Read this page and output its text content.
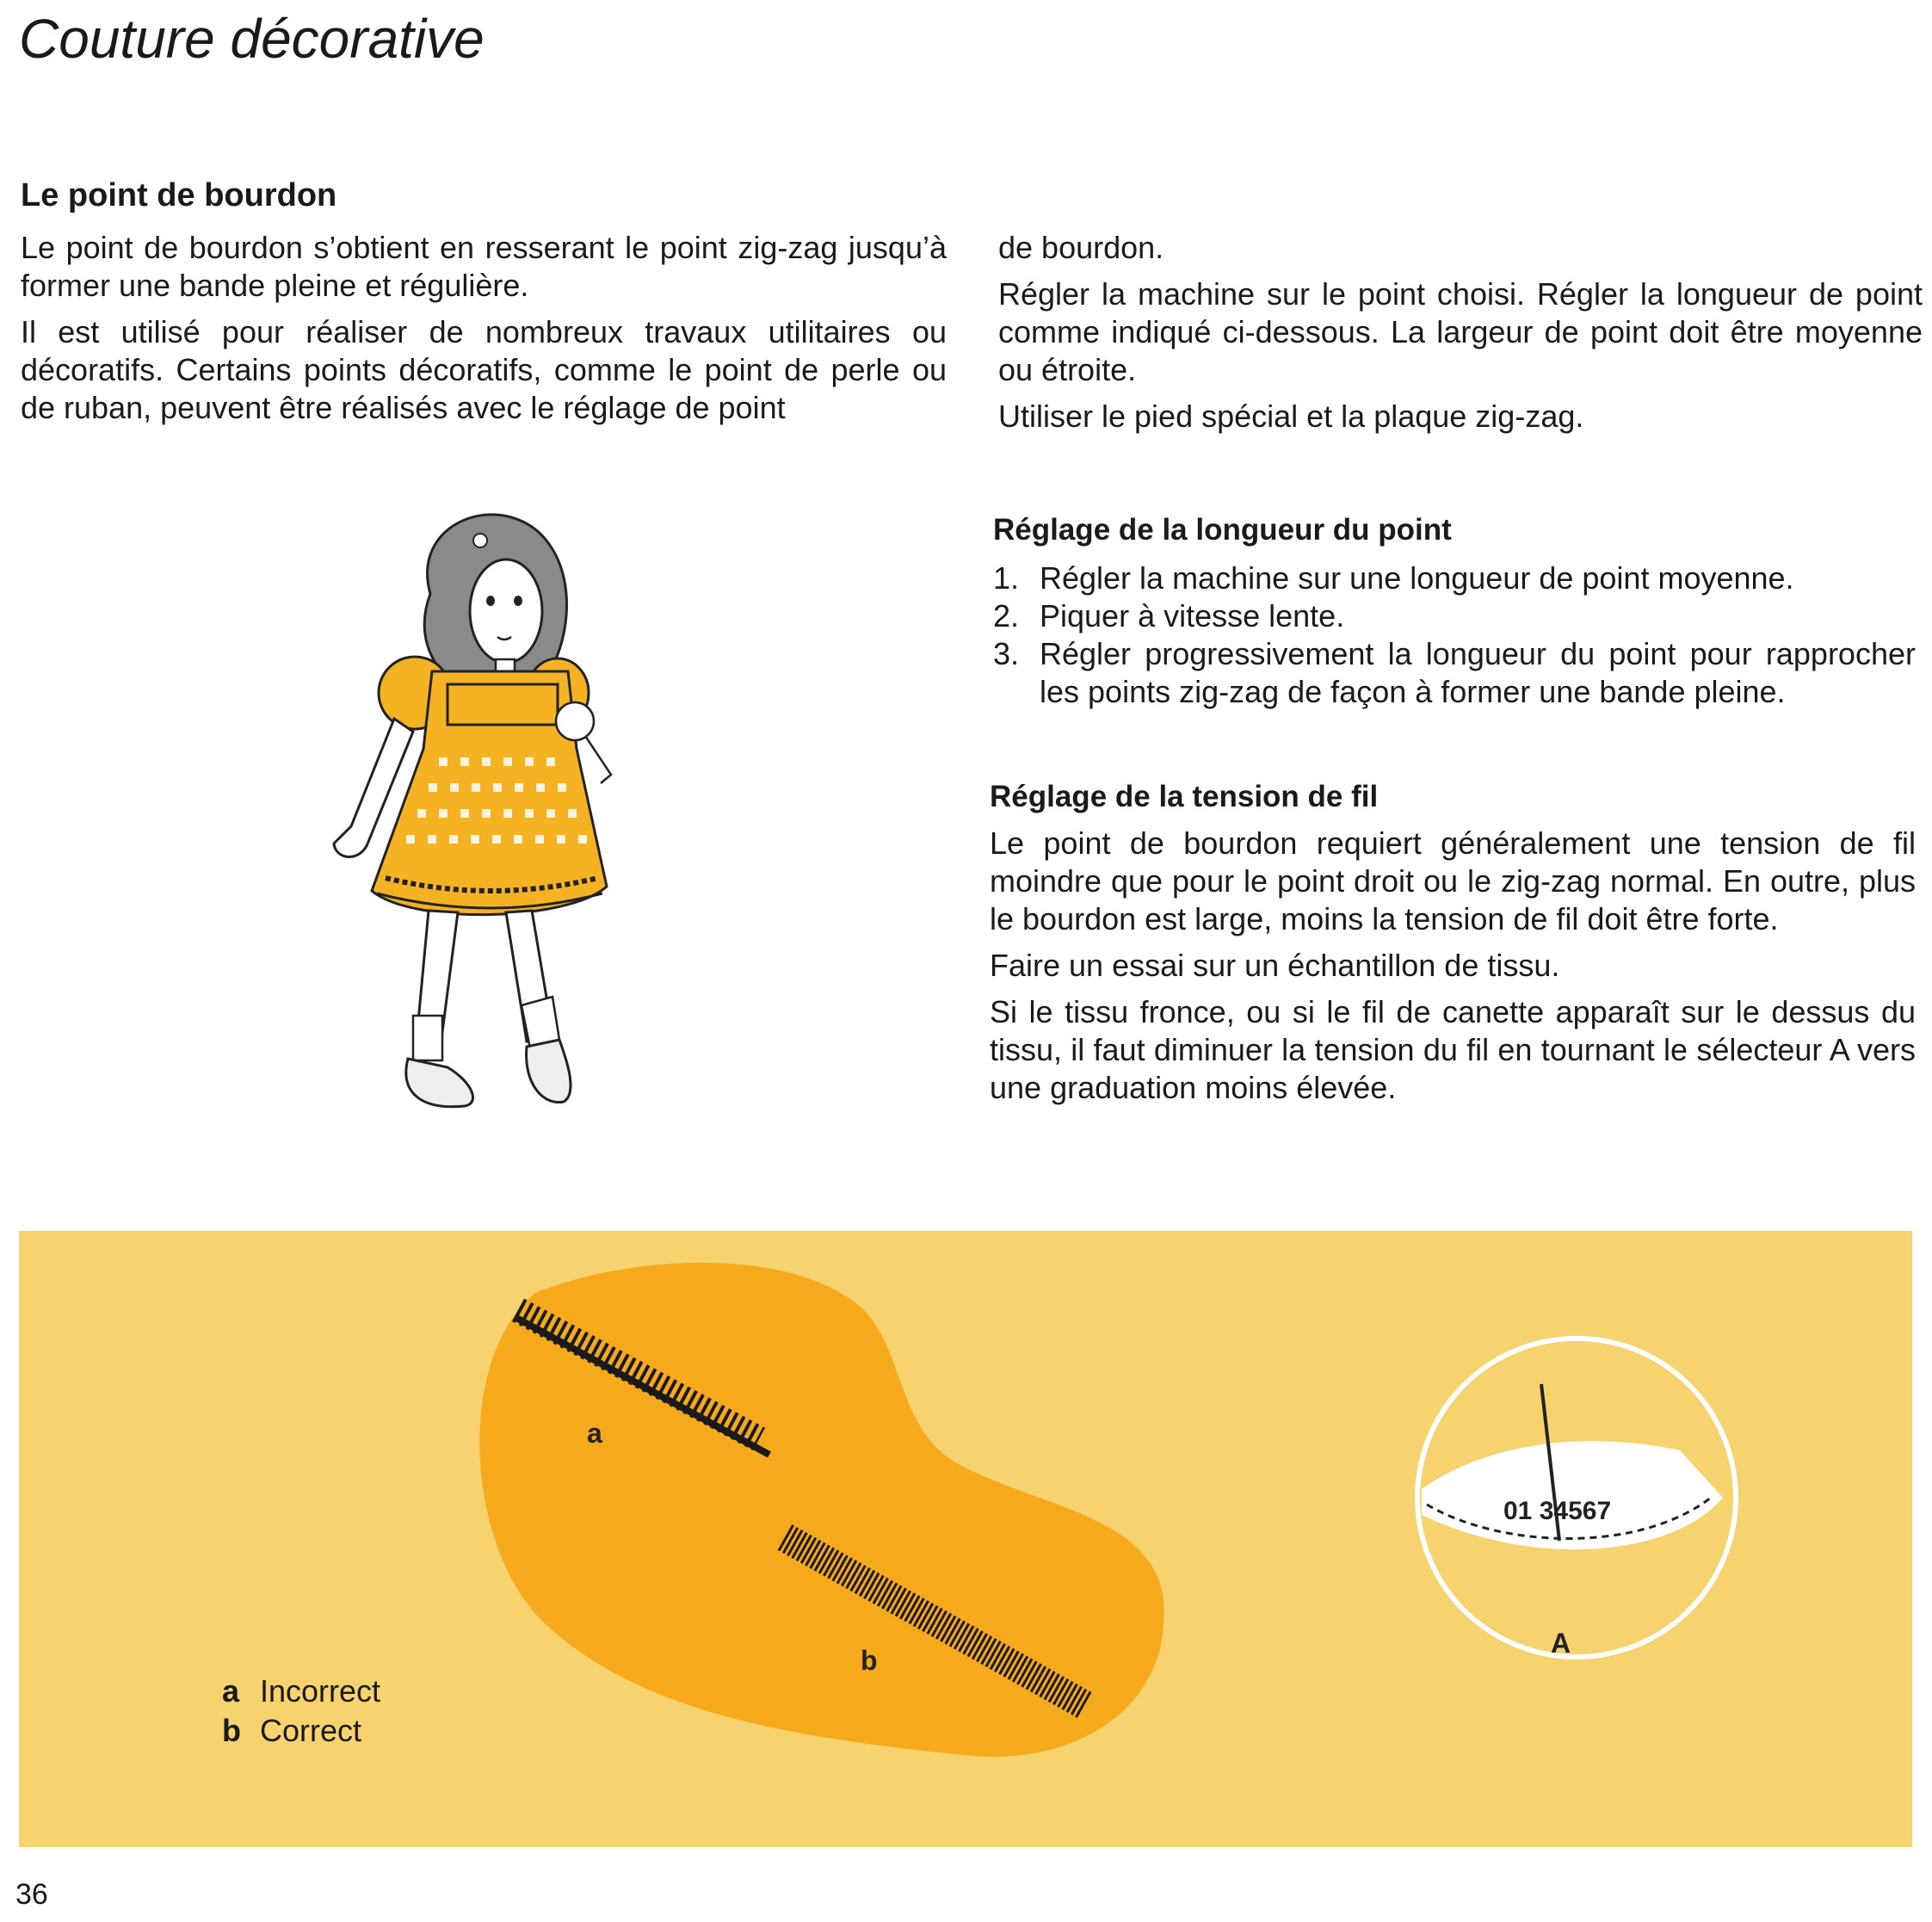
Couture décorative
Le point de bourdon

Le point de bourdon s’obtient en resserant le point zig-zag jusqu’à former une bande pleine et régulière.

Il est utilisé pour réaliser de nombreux travaux utilitaires ou décoratifs. Certains points décoratifs, comme le point de perle ou de ruban, peuvent être réalisés avec le réglage de point

de bourdon.

Régler la machine sur le point choisi. Régler la longueur de point comme indiqué ci-dessous. La largeur de point doit être moyenne ou étroite.

Utiliser le pied spécial et la plaque zig-zag.

Réglage de la longueur du point
1. Régler la machine sur une longueur de point moyenne.
2. Piquer à vitesse lente.
3. Régler progressivement la longueur du point pour rapprocher les points zig-zag de façon à former une bande pleine.
Réglage de la tension de fil

Le point de bourdon requiert généralement une tension de fil moindre que pour le point droit ou le zig-zag normal. En outre, plus le bourdon est large, moins la tension de fil doit être forte.

Faire un essai sur un échantillon de tissu.

Si le tissu fronce, ou si le fil de canette apparaît sur le dessus du tissu, il faut diminuer la tension du fil en tournant le sélecteur A vers une graduation moins élevée.

a
b
01 34567
A
a Incorrect
b Correct
36
